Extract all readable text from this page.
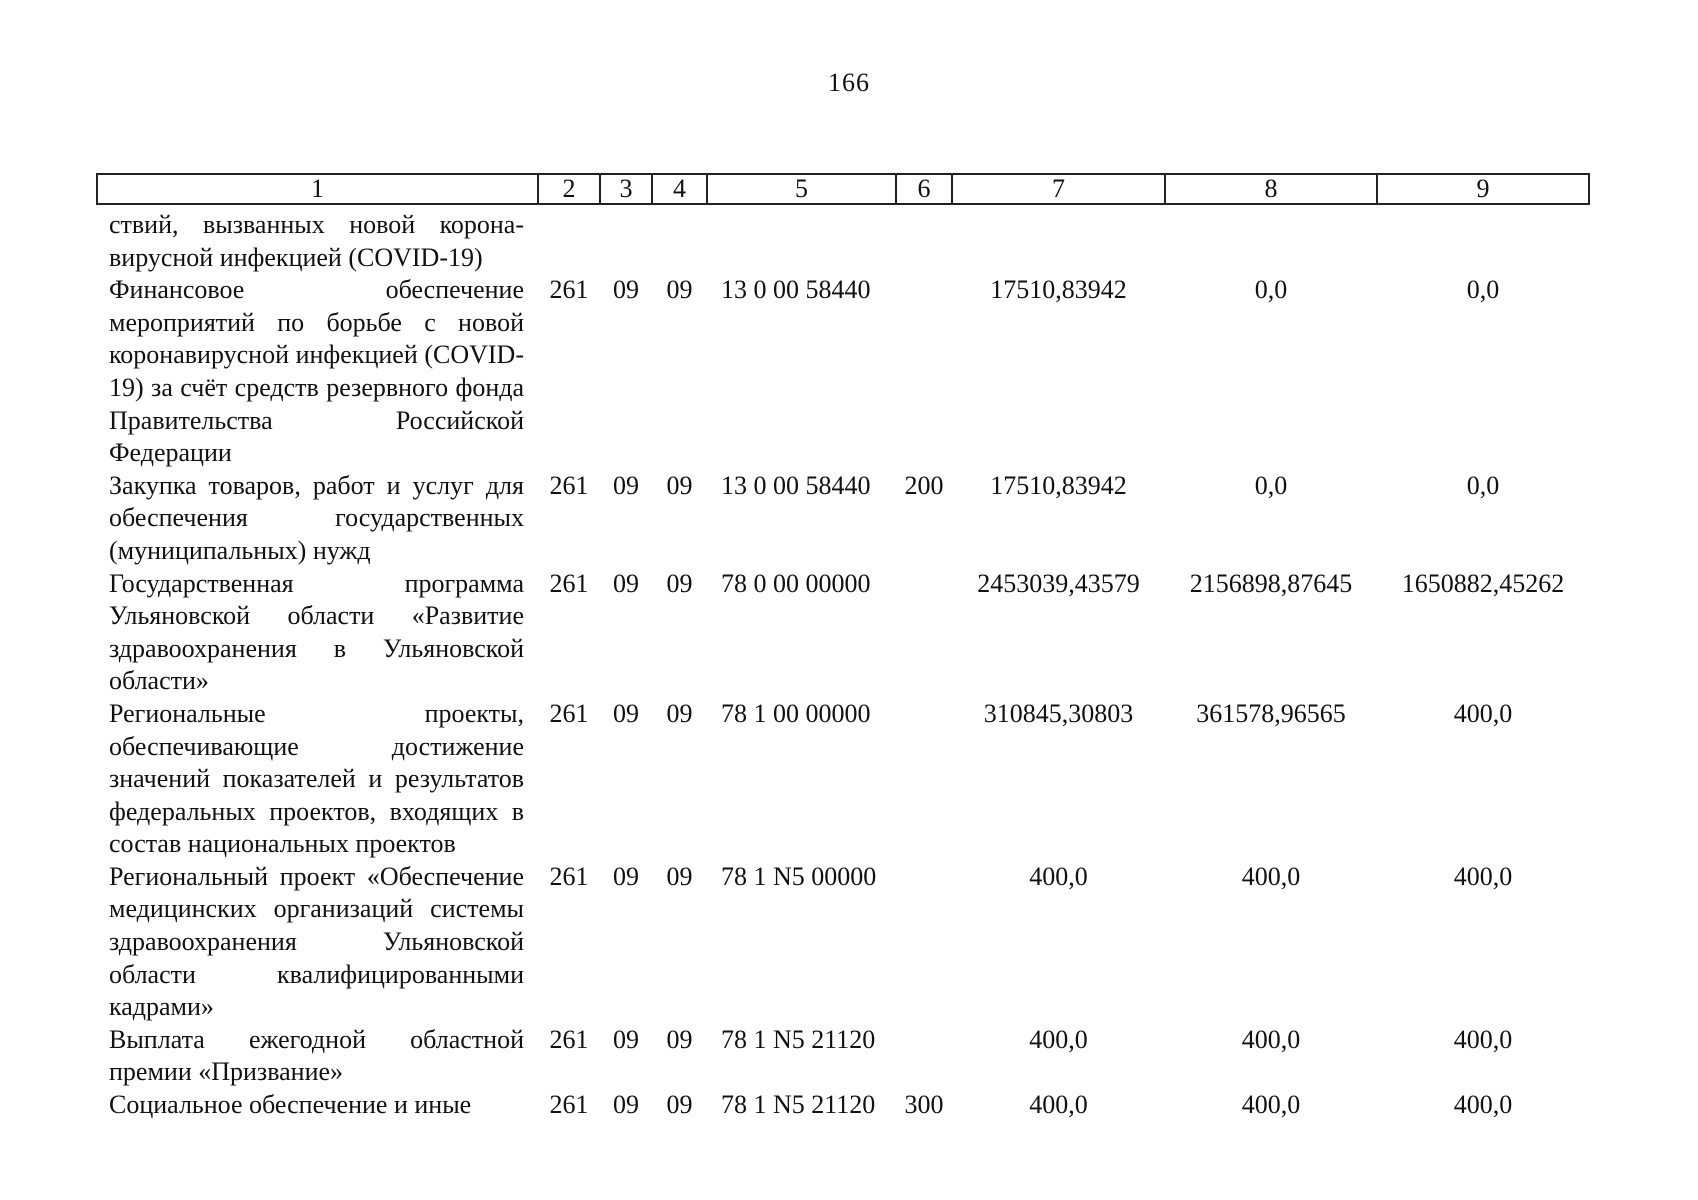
166
1	2	3	4	5	6	7	8	9
ствий, вызванных новой корона-вирусной инфекцией (COVID-19)								
Финансовое обеспечение мероприятий по борьбе с новой коронавирусной инфекцией (COVID-19) за счёт средств резервного фонда Правительства Российской Федерации	261	09	09	13 0 00 58440		17510,83942	0,0	0,0
Закупка товаров, работ и услуг для обеспечения государственных (муниципальных) нужд	261	09	09	13 0 00 58440	200	17510,83942	0,0	0,0
Государственная программа Ульяновской области «Развитие здравоохранения в Ульяновской области»	261	09	09	78 0 00 00000		2453039,43579	2156898,87645	1650882,45262
Региональные проекты, обеспечивающие достижение значений показателей и результатов федеральных проектов, входящих в состав национальных проектов	261	09	09	78 1 00 00000		310845,30803	361578,96565	400,0
Региональный проект «Обеспечение медицинских организаций системы здравоохранения Ульяновской области квалифицированными кадрами»	261	09	09	78 1 N5 00000		400,0	400,0	400,0
Выплата ежегодной областной премии «Призвание»	261	09	09	78 1 N5 21120		400,0	400,0	400,0
Социальное обеспечение и иные	261	09	09	78 1 N5 21120	300	400,0	400,0	400,0
